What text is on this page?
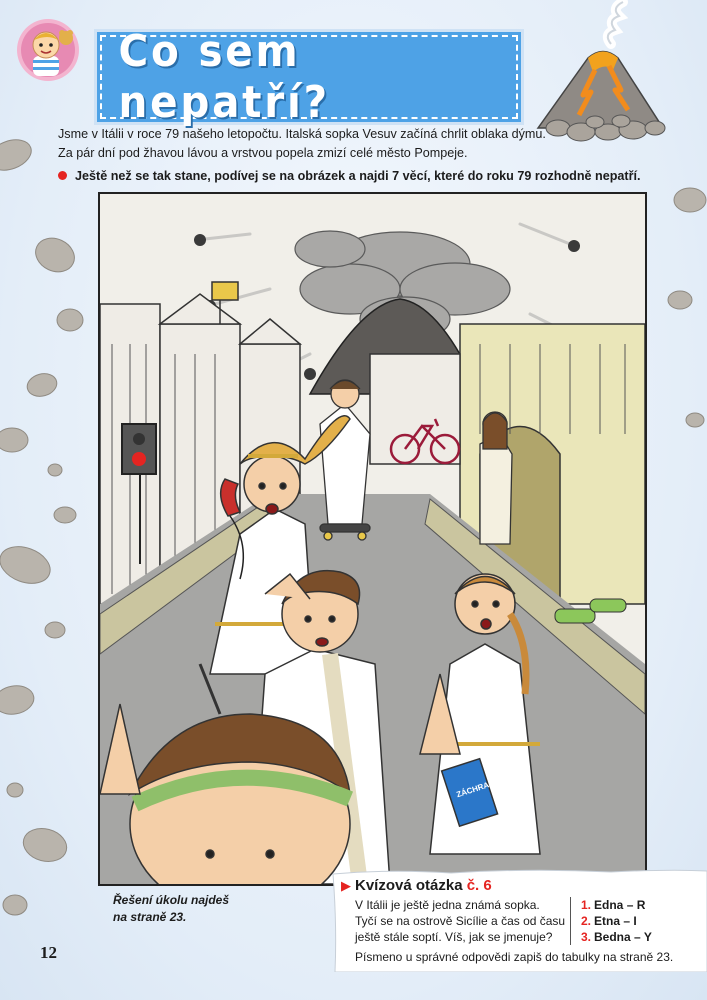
Co sem nepatří?

Jsme v Itálii v roce 79 našeho letopočtu. Italská sopka Vesuv začíná chrlit oblaka dýmu.

Za pár dní pod žhavou lávou a vrstvou popela zmizí celé město Pompeje.

Ještě než se tak stane, podívej se na obrázek a najdi 7 věcí, které do roku 79 rozhodně nepatří.
ZÁCHRANA
Řešení úkolu najdeš
na straně 23.
12
▶ Kvízová otázka č. 6

V Itálii je ještě jedna známá sopka.

Tyčí se na ostrově Sicílie a čas od času

ještě stále soptí. Víš, jak se jmenuje?

1. Edna – R
2. Etna – I
3. Bedna – Y
Písmeno u správné odpovědi zapiš do tabulky na straně 23.
